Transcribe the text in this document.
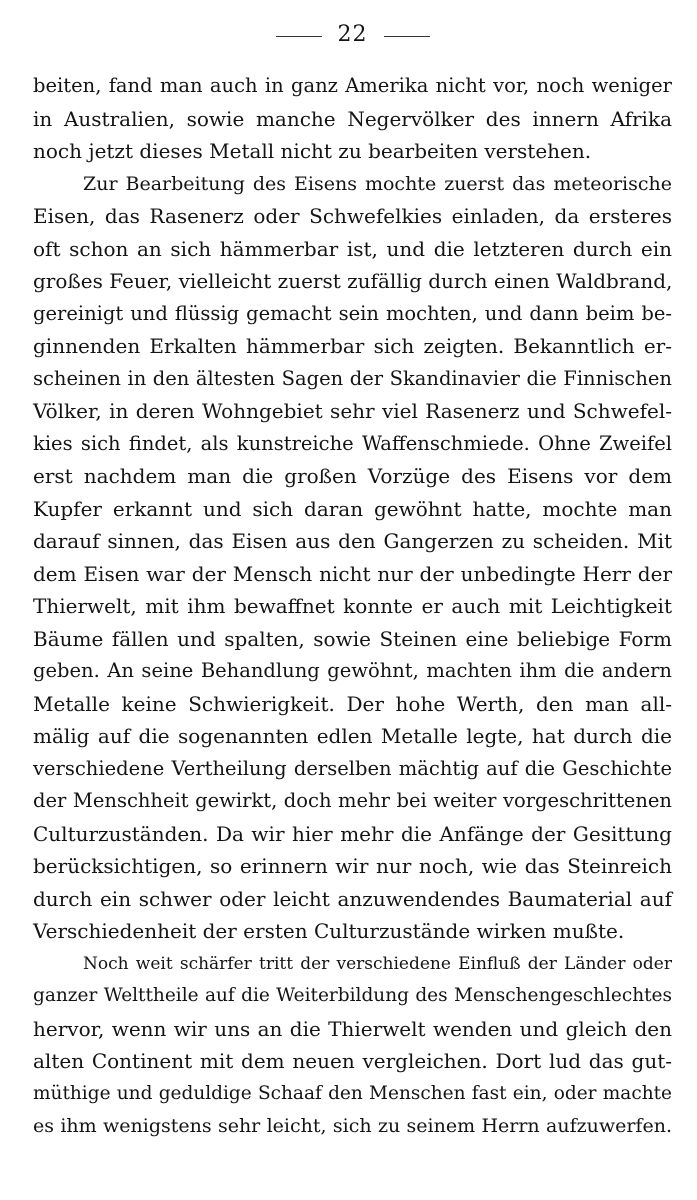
22

beiten, fand man auch in ganz Amerika nicht vor, noch weniger
in Australien, sowie manche Negervölker des innern Afrika
noch jetzt dieses Metall nicht zu bearbeiten verstehen.

Zur Bearbeitung des Eisens mochte zuerst das meteorische
Eisen, das Rasenerz oder Schwefelkies einladen, da ersteres
oft schon an sich hämmerbar ist, und die letzteren durch ein
großes Feuer, vielleicht zuerst zufällig durch einen Waldbrand,
gereinigt und flüssig gemacht sein mochten, und dann beim be-
ginnenden Erkalten hämmerbar sich zeigten. Bekanntlich er-
scheinen in den ältesten Sagen der Skandinavier die Finnischen
Völker, in deren Wohngebiet sehr viel Rasenerz und Schwefel-
kies sich findet, als kunstreiche Waffenschmiede. Ohne Zweifel
erst nachdem man die großen Vorzüge des Eisens vor dem
Kupfer erkannt und sich daran gewöhnt hatte, mochte man
darauf sinnen, das Eisen aus den Gangerzen zu scheiden. Mit
dem Eisen war der Mensch nicht nur der unbedingte Herr der
Thierwelt, mit ihm bewaffnet konnte er auch mit Leichtigkeit
Bäume fällen und spalten, sowie Steinen eine beliebige Form
geben. An seine Behandlung gewöhnt, machten ihm die andern
Metalle keine Schwierigkeit. Der hohe Werth, den man all-
mälig auf die sogenannten edlen Metalle legte, hat durch die
verschiedene Vertheilung derselben mächtig auf die Geschichte
der Menschheit gewirkt, doch mehr bei weiter vorgeschrittenen
Culturzuständen. Da wir hier mehr die Anfänge der Gesittung
berücksichtigen, so erinnern wir nur noch, wie das Steinreich
durch ein schwer oder leicht anzuwendendes Baumaterial auf
Verschiedenheit der ersten Culturzustände wirken mußte.

Noch weit schärfer tritt der verschiedene Einfluß der Länder oder
ganzer Welttheile auf die Weiterbildung des Menschengeschlechtes
hervor, wenn wir uns an die Thierwelt wenden und gleich den
alten Continent mit dem neuen vergleichen. Dort lud das gut-
müthige und geduldige Schaaf den Menschen fast ein, oder machte
es ihm wenigstens sehr leicht, sich zu seinem Herrn aufzuwerfen.
